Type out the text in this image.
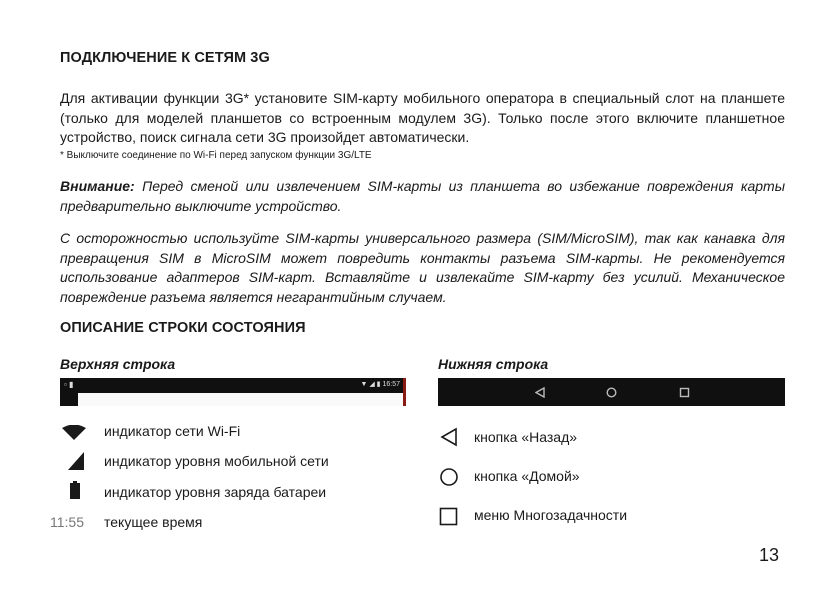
ПОДКЛЮЧЕНИЕ К СЕТЯМ 3G
Для активации функции 3G* установите SIM-карту мобильного оператора в специальный слот на планшете (только для моделей планшетов со встроенным модулем 3G). Только после этого включите планшетное устройство, поиск сигнала сети 3G произойдет автоматически.
* Выключите соединение по Wi-Fi перед запуском функции 3G/LTE
Внимание: Перед сменой или извлечением SIM-карты из планшета во избежание повреждения карты предварительно выключите устройство.
С осторожностью используйте SIM-карты универсального размера (SIM/MicroSIM), так как канавка для превращения SIM в MicroSIM может повредить контакты разъема SIM-карты. Не рекомендуется использование адаптеров SIM-карт. Вставляйте и извлекайте SIM-карту без усилий. Механическое повреждение разъема является негарантийным случаем.
ОПИСАНИЕ СТРОКИ СОСТОЯНИЯ
Верхняя строка
▫ ▮	▼ ◢ ▮ 16:57
индикатор сети Wi-Fi
индикатор уровня мобильной сети
индикатор уровня заряда батареи
11:55 текущее время
Нижняя строка
кнопка «Назад»
кнопка «Домой»
меню Многозадачности
13
